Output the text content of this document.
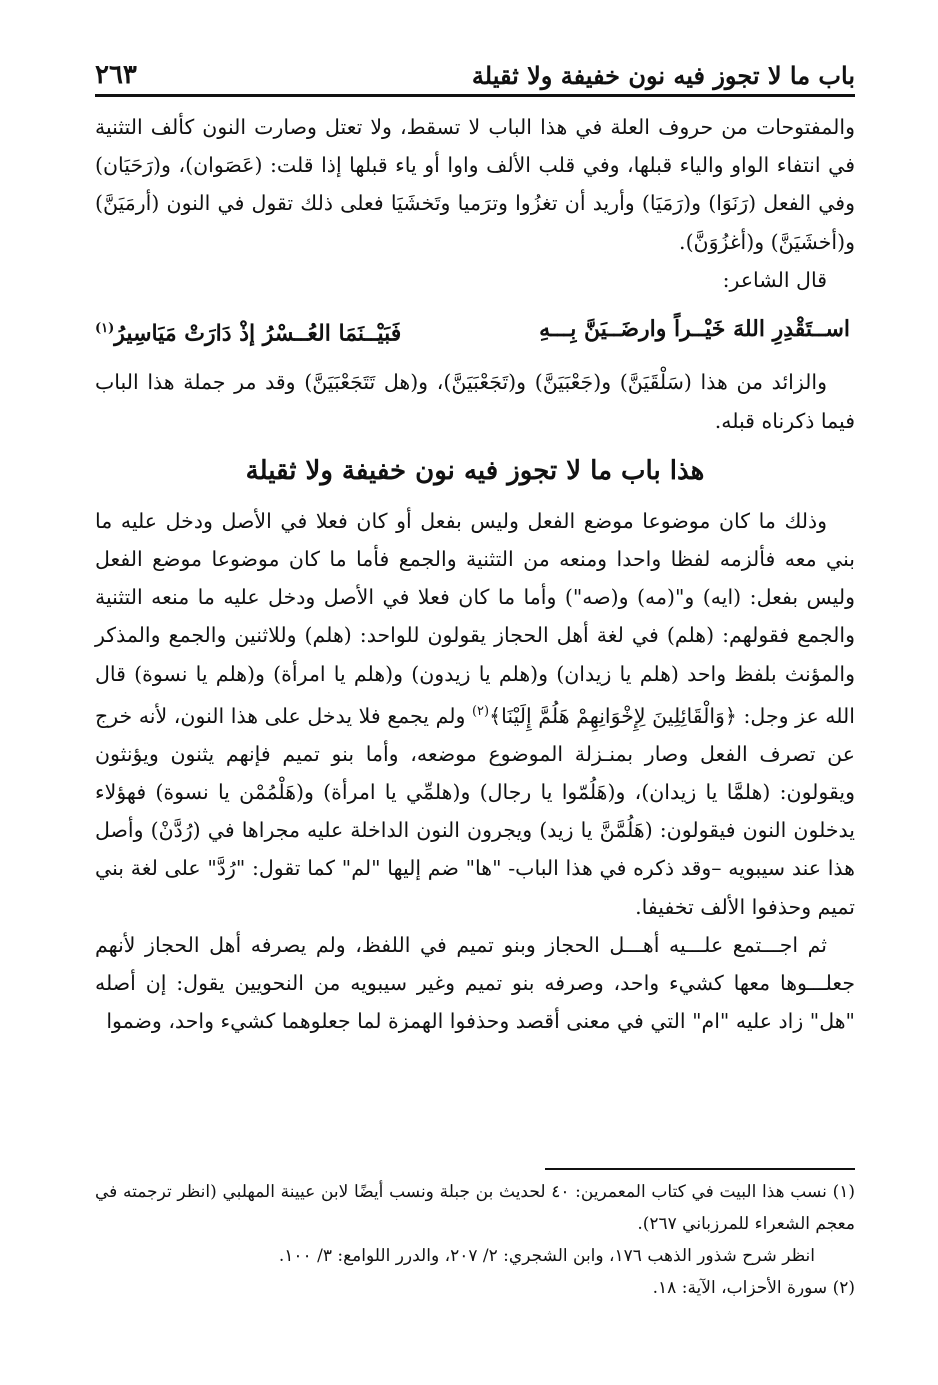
باب ما لا تجوز فيه نون خفيفة ولا ثقيلة
٢٦٣

والمفتوحات من حروف العلة في هذا الباب لا تسقط، ولا تعتل وصارت النون كألف التثنية في انتفاء الواو والياء قبلها، وفي قلب الألف واوا أو ياء قبلها إذا قلت: (عَصَوان)، و(رَحَيَان) وفي الفعل (رَنَوَا) و(رَمَيَا) وأريد أن تغزُوا وترَميا وتَخشَيَا فعلى ذلك تقول في النون (أرمَيَنَّ) و(أخشَيَنَّ) و(أغزُوَنَّ).

قال الشاعر:

اســتَقْدِرِ اللهَ خَيْــراً وارضَــيَنَّ بِـــهِ
فَبَيْــنَمَا العُــسْرُ إذْ دَارَتْ مَيَاسِيرُ$^{(١)}$

والزائد من هذا (سَلْقَيَنَّ) و(جَعْبَيَنَّ) و(تَجَعْبَيَنَّ)، و(هل تَتَجَعْبَيَنَّ) وقد مر جملة هذا الباب فيما ذكرناه قبله.

هذا باب ما لا تجوز فيه نون خفيفة ولا ثقيلة

وذلك ما كان موضوعا موضع الفعل وليس بفعل أو كان فعلا في الأصل ودخل عليه ما بني معه فألزمه لفظا واحدا ومنعه من التثنية والجمع فأما ما كان موضوعا موضع الفعل وليس بفعل: (ايه) و"(مه) و(صه") وأما ما كان فعلا في الأصل ودخل عليه ما منعه التثنية والجمع فقولهم: (هلم) في لغة أهل الحجاز يقولون للواحد: (هلم) وللاثنين والجمع والمذكر والمؤنث بلفظ واحد (هلم يا زيدان) و(هلم يا زيدون) و(هلم يا امرأة) و(هلم يا نسوة) قال الله عز وجل: ﴿وَالْقَائِلِينَ لِإِخْوَانِهِمْ هَلُمَّ إِلَيْنَا﴾$^{(٢)}$ ولم يجمع فلا يدخل على هذا النون، لأنه خرج عن تصرف الفعل وصار بمنـزلة الموضوع موضعه، وأما بنو تميم فإنهم يثنون ويؤنثون ويقولون: (هلمَّا يا زيدان)، و(هَلُمّوا يا رجال) و(هلمِّي يا امرأة) و(هَلْمُمْن يا نسوة) فهؤلاء يدخلون النون فيقولون: (هَلُمَّنَّ يا زيد) ويجرون النون الداخلة عليه مجراها في (رُدَّنْ) وأصل هذا عند سيبويه –وقد ذكره في هذا الباب- "ها" ضم إليها "لم" كما تقول: "رُدَّ" على لغة بني تميم وحذفوا الألف تخفيفا.

ثم اجـــتمع علـــيه أهـــل الحجاز وبنو تميم في اللفظ، ولم يصرفه أهل الحجاز لأنهم جعلـــوها معها كشيء واحد، وصرفه بنو تميم وغير سيبويه من النحويين يقول: إن أصله "هل" زاد عليه "ام" التي في معنى أقصد وحذفوا الهمزة لما جعلوهما كشيء واحد، وضموا

(١) نسب هذا البيت في كتاب المعمرين: ٤٠ لحديث بن جبلة ونسب أيضًا لابن عيينة المهلبي (انظر ترجمته في معجم الشعراء للمرزباني ٢٦٧).

انظر شرح شذور الذهب ١٧٦، وابن الشجري: ٢/ ٢٠٧، والدرر اللوامع: ٣/ ١٠٠.

(٢) سورة الأحزاب، الآية: ١٨.
